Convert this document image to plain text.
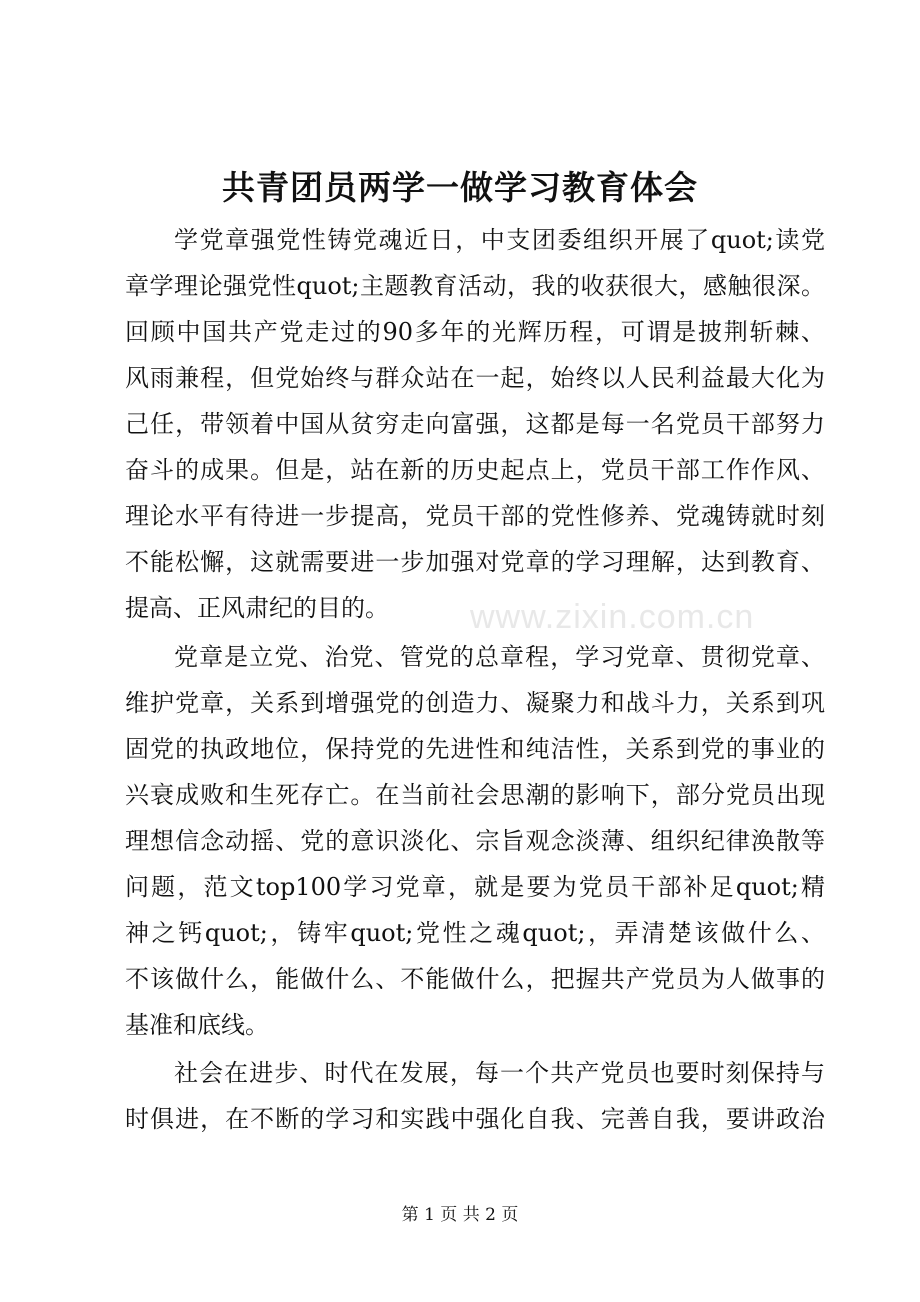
www.zixin.com.cn
共青团员两学一做学习教育体会
学党章强党性铸党魂近日，中支团委组织开展了quot;读党
章学理论强党性quot;主题教育活动，我的收获很大，感触很深。
回顾中国共产党走过的90多年的光辉历程，可谓是披荆斩棘、
风雨兼程，但党始终与群众站在一起，始终以人民利益最大化为
己任，带领着中国从贫穷走向富强，这都是每一名党员干部努力
奋斗的成果。但是，站在新的历史起点上，党员干部工作作风、
理论水平有待进一步提高，党员干部的党性修养、党魂铸就时刻
不能松懈，这就需要进一步加强对党章的学习理解，达到教育、
提高、正风肃纪的目的。
党章是立党、治党、管党的总章程，学习党章、贯彻党章、
维护党章，关系到增强党的创造力、凝聚力和战斗力，关系到巩
固党的执政地位，保持党的先进性和纯洁性，关系到党的事业的
兴衰成败和生死存亡。在当前社会思潮的影响下，部分党员出现
理想信念动摇、党的意识淡化、宗旨观念淡薄、组织纪律涣散等
问题，范文top100学习党章，就是要为党员干部补足quot;精
神之钙quot;，铸牢quot;党性之魂quot;，弄清楚该做什么、
不该做什么，能做什么、不能做什么，把握共产党员为人做事的
基准和底线。
社会在进步、时代在发展，每一个共产党员也要时刻保持与
时俱进，在不断的学习和实践中强化自我、完善自我，要讲政治
第 1 页 共 2 页
